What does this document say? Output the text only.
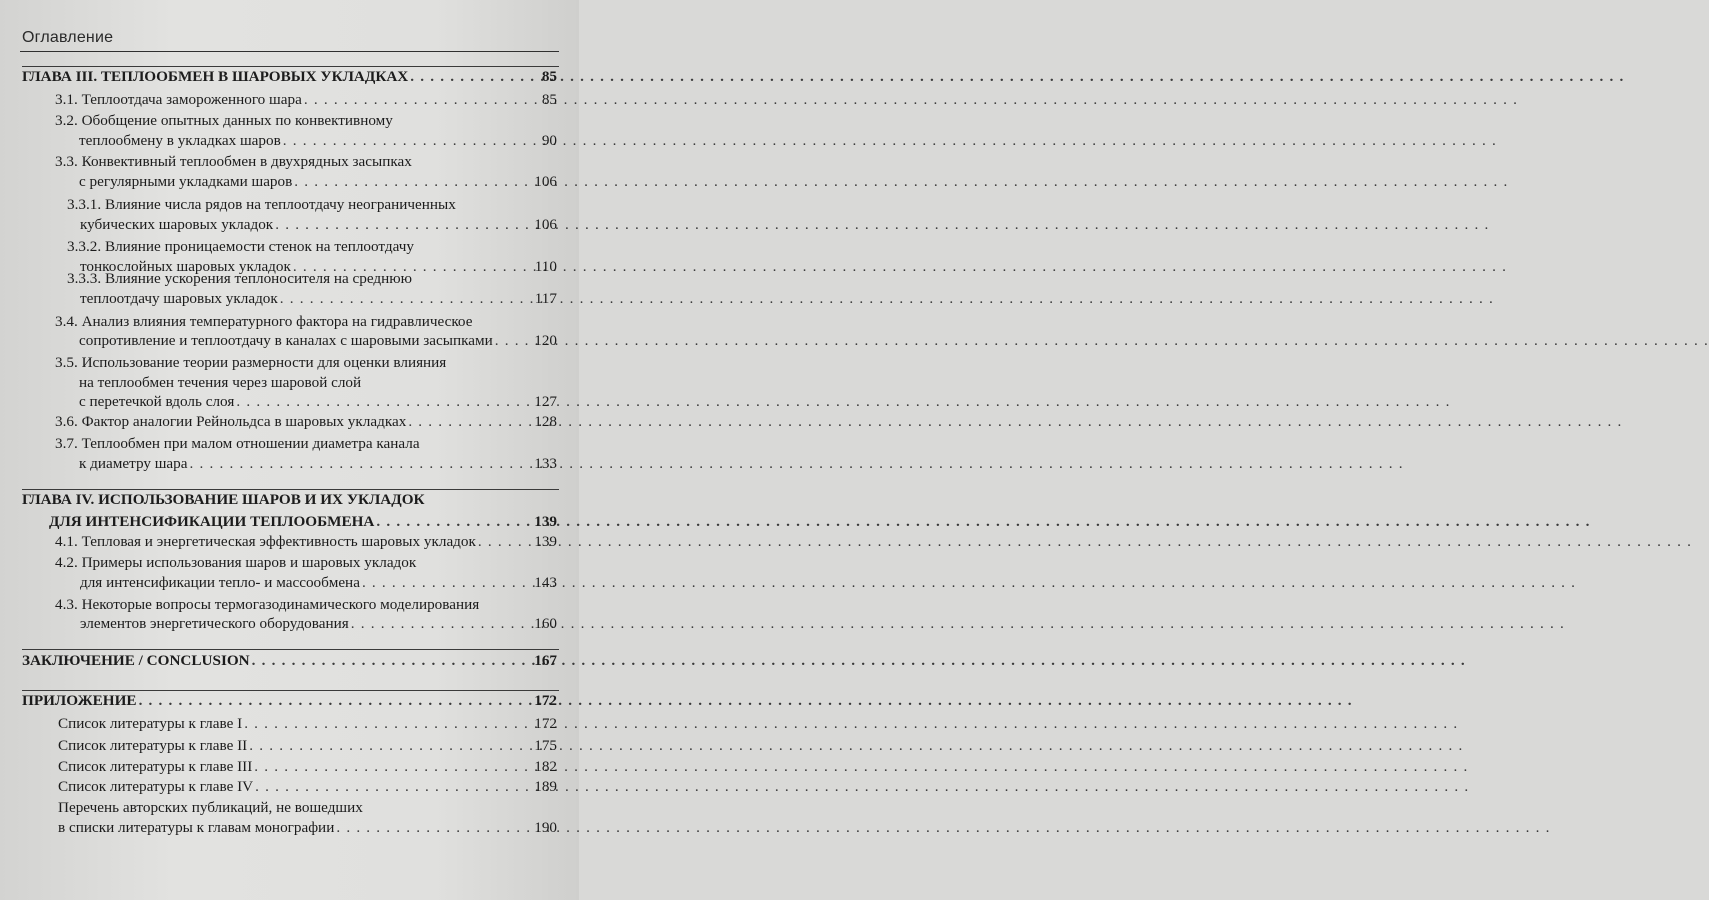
Оглавление
ГЛАВА III. ТЕПЛООБМЕН В ШАРОВЫХ УКЛАДКАХ . . .	85
3.1. Теплоотдача замороженного шара . . .	85
3.2. Обобщение опытных данных по конвективному
теплообмену в укладках шаров . . .	90
3.3. Конвективный теплообмен в двухрядных засыпках
с регулярными укладками шаров . . .	106
3.3.1. Влияние числа рядов на теплоотдачу неограниченных
кубических шаровых укладок . . .	106
3.3.2. Влияние проницаемости стенок на теплоотдачу
тонкослойных шаровых укладок . . .	110
3.3.3. Влияние ускорения теплоносителя на среднюю
теплоотдачу шаровых укладок . . .	117
3.4. Анализ влияния температурного фактора на гидравлическое
сопротивление и теплоотдачу в каналах с шаровыми засыпками . . .	120
3.5. Использование теории размерности для оценки влияния
на теплообмен течения через шаровой слой
с перетечкой вдоль слоя . . .	127
3.6. Фактор аналогии Рейнольдса в шаровых укладках . . .	128
3.7. Теплообмен при малом отношении диаметра канала
к диаметру шара . . .	133
ГЛАВА IV. ИСПОЛЬЗОВАНИЕ ШАРОВ И ИХ УКЛАДОК
ДЛЯ ИНТЕНСИФИКАЦИИ ТЕПЛООБМЕНА . . .	139
4.1. Тепловая и энергетическая эффективность шаровых укладок . . .	139
4.2. Примеры использования шаров и шаровых укладок
для интенсификации тепло- и массообмена . . .	143
4.3. Некоторые вопросы термогазодинамического моделирования
элементов энергетического оборудования . . .	160
ЗАКЛЮЧЕНИЕ / CONCLUSION . . .	167
ПРИЛОЖЕНИЕ . . .	172
Список литературы к главе I . . .	172
Список литературы к главе II . . .	175
Список литературы к главе III . . .	182
Список литературы к главе IV . . .	189
Перечень авторских публикаций, не вошедших
в списки литературы к главам монографии . . .	190
